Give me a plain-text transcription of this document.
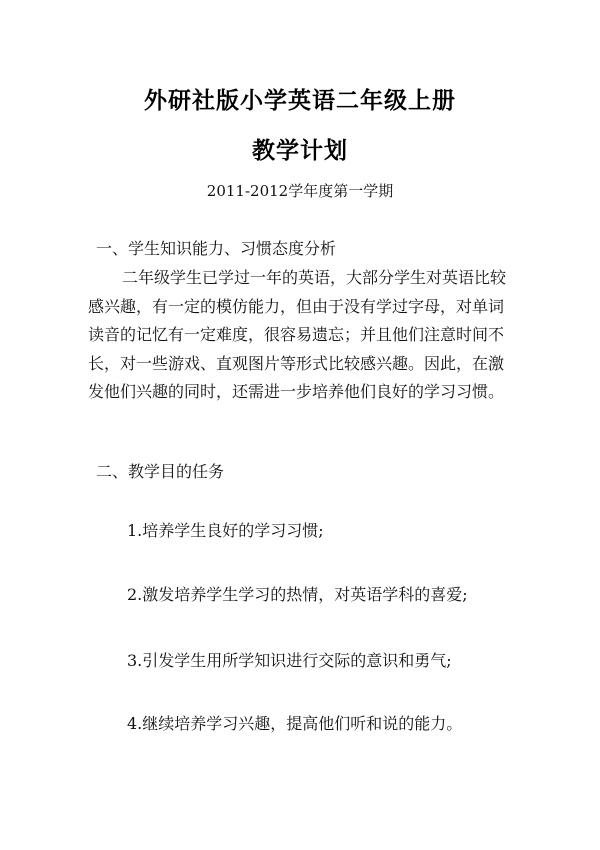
外研社版小学英语二年级上册
教学计划
2011-2012学年度第一学期
一、学生知识能力、习惯态度分析
二年级学生已学过一年的英语，大部分学生对英语比较
感兴趣，有一定的模仿能力，但由于没有学过字母，对单词
读音的记忆有一定难度，很容易遗忘；并且他们注意时间不
长，对一些游戏、直观图片等形式比较感兴趣。因此，在激
发他们兴趣的同时，还需进一步培养他们良好的学习习惯。
二、教学目的任务
1.培养学生良好的学习习惯;
2.激发培养学生学习的热情，对英语学科的喜爱;
3.引发学生用所学知识进行交际的意识和勇气;
4.继续培养学习兴趣，提高他们听和说的能力。
